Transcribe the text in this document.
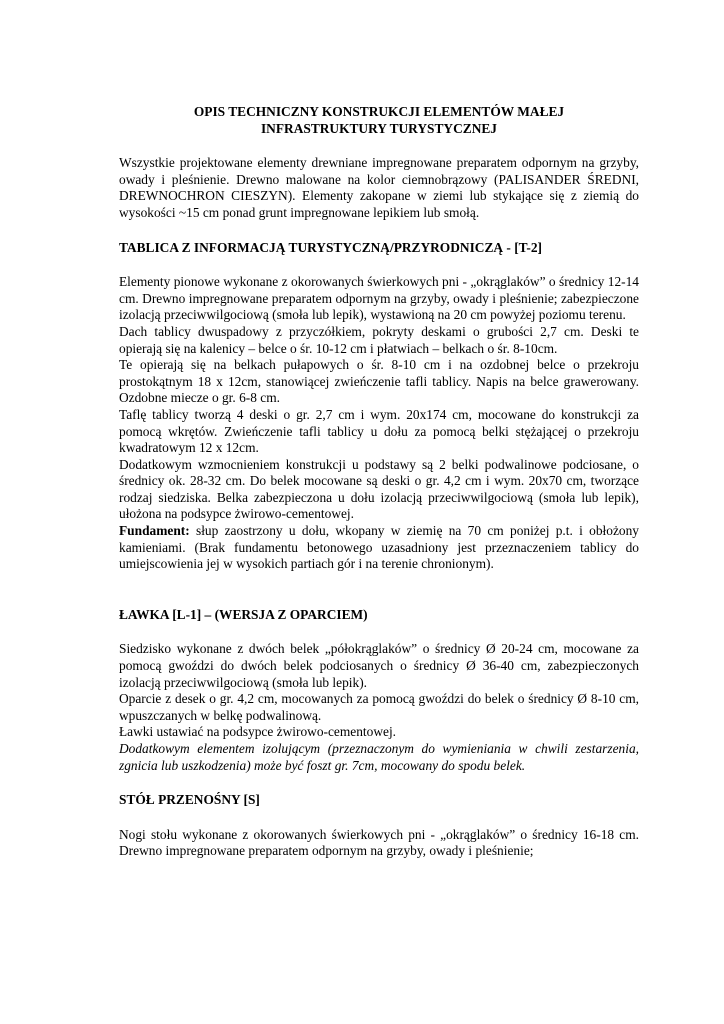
OPIS TECHNICZNY KONSTRUKCJI ELEMENTÓW MAŁEJ
INFRASTRUKTURY TURYSTYCZNEJ

Wszystkie projektowane elementy drewniane impregnowane preparatem odpornym na grzyby, owady i pleśnienie. Drewno malowane na kolor ciemnobrązowy (PALISANDER ŚREDNI, DREWNOCHRON CIESZYN). Elementy zakopane w ziemi lub stykające się z ziemią do wysokości ~15 cm ponad grunt impregnowane lepikiem lub smołą.

TABLICA Z INFORMACJĄ TURYSTYCZNĄ/PRZYRODNICZĄ - [T-2]

Elementy pionowe wykonane z okorowanych świerkowych pni - „okrąglaków” o średnicy 12-14 cm. Drewno impregnowane preparatem odpornym na grzyby, owady i pleśnienie; zabezpieczone izolacją przeciwwilgociową (smoła lub lepik), wystawioną na 20 cm powyżej poziomu terenu.

Dach tablicy dwuspadowy z przyczółkiem, pokryty deskami o grubości 2,7 cm. Deski te opierają się na kalenicy – belce o śr. 10-12 cm i płatwiach – belkach o śr. 8-10cm.

Te opierają się na belkach pułapowych o śr. 8-10 cm i na ozdobnej belce o przekroju prostokątnym 18 x 12cm, stanowiącej zwieńczenie tafli tablicy. Napis na belce grawerowany. Ozdobne miecze o gr. 6-8 cm.

Taflę tablicy tworzą 4 deski o gr. 2,7 cm i wym. 20x174 cm, mocowane do konstrukcji za pomocą wkrętów. Zwieńczenie tafli tablicy u dołu za pomocą belki stężającej o przekroju kwadratowym 12 x 12cm.

Dodatkowym wzmocnieniem konstrukcji u podstawy są 2 belki podwalinowe podciosane, o średnicy ok. 28-32 cm. Do belek mocowane są deski o gr. 4,2 cm i wym. 20x70 cm, tworzące rodzaj siedziska. Belka zabezpieczona u dołu izolacją przeciwwilgociową (smoła lub lepik), ułożona na podsypce żwirowo-cementowej.

Fundament: słup zaostrzony u dołu, wkopany w ziemię na 70 cm poniżej p.t. i obłożony kamieniami. (Brak fundamentu betonowego uzasadniony jest przeznaczeniem tablicy do umiejscowienia jej w wysokich partiach gór i na terenie chronionym).

ŁAWKA [L-1] – (WERSJA Z OPARCIEM)

Siedzisko wykonane z dwóch belek „półokrąglaków” o średnicy Ø 20-24 cm, mocowane za pomocą gwoździ do dwóch belek podciosanych o średnicy Ø 36-40 cm, zabezpieczonych izolacją przeciwwilgociową (smoła lub lepik).

Oparcie z desek o gr. 4,2 cm, mocowanych za pomocą gwoździ do belek o średnicy Ø 8-10 cm, wpuszczanych w belkę podwalinową.

Ławki ustawiać na podsypce żwirowo-cementowej.

Dodatkowym elementem izolującym (przeznaczonym do wymieniania w chwili zestarzenia, zgnicia lub uszkodzenia) może być foszt gr. 7cm, mocowany do spodu belek.

STÓŁ PRZENOŚNY [S]

Nogi stołu wykonane z okorowanych świerkowych pni - „okrąglaków” o średnicy 16-18 cm. Drewno impregnowane preparatem odpornym na grzyby, owady i pleśnienie;
